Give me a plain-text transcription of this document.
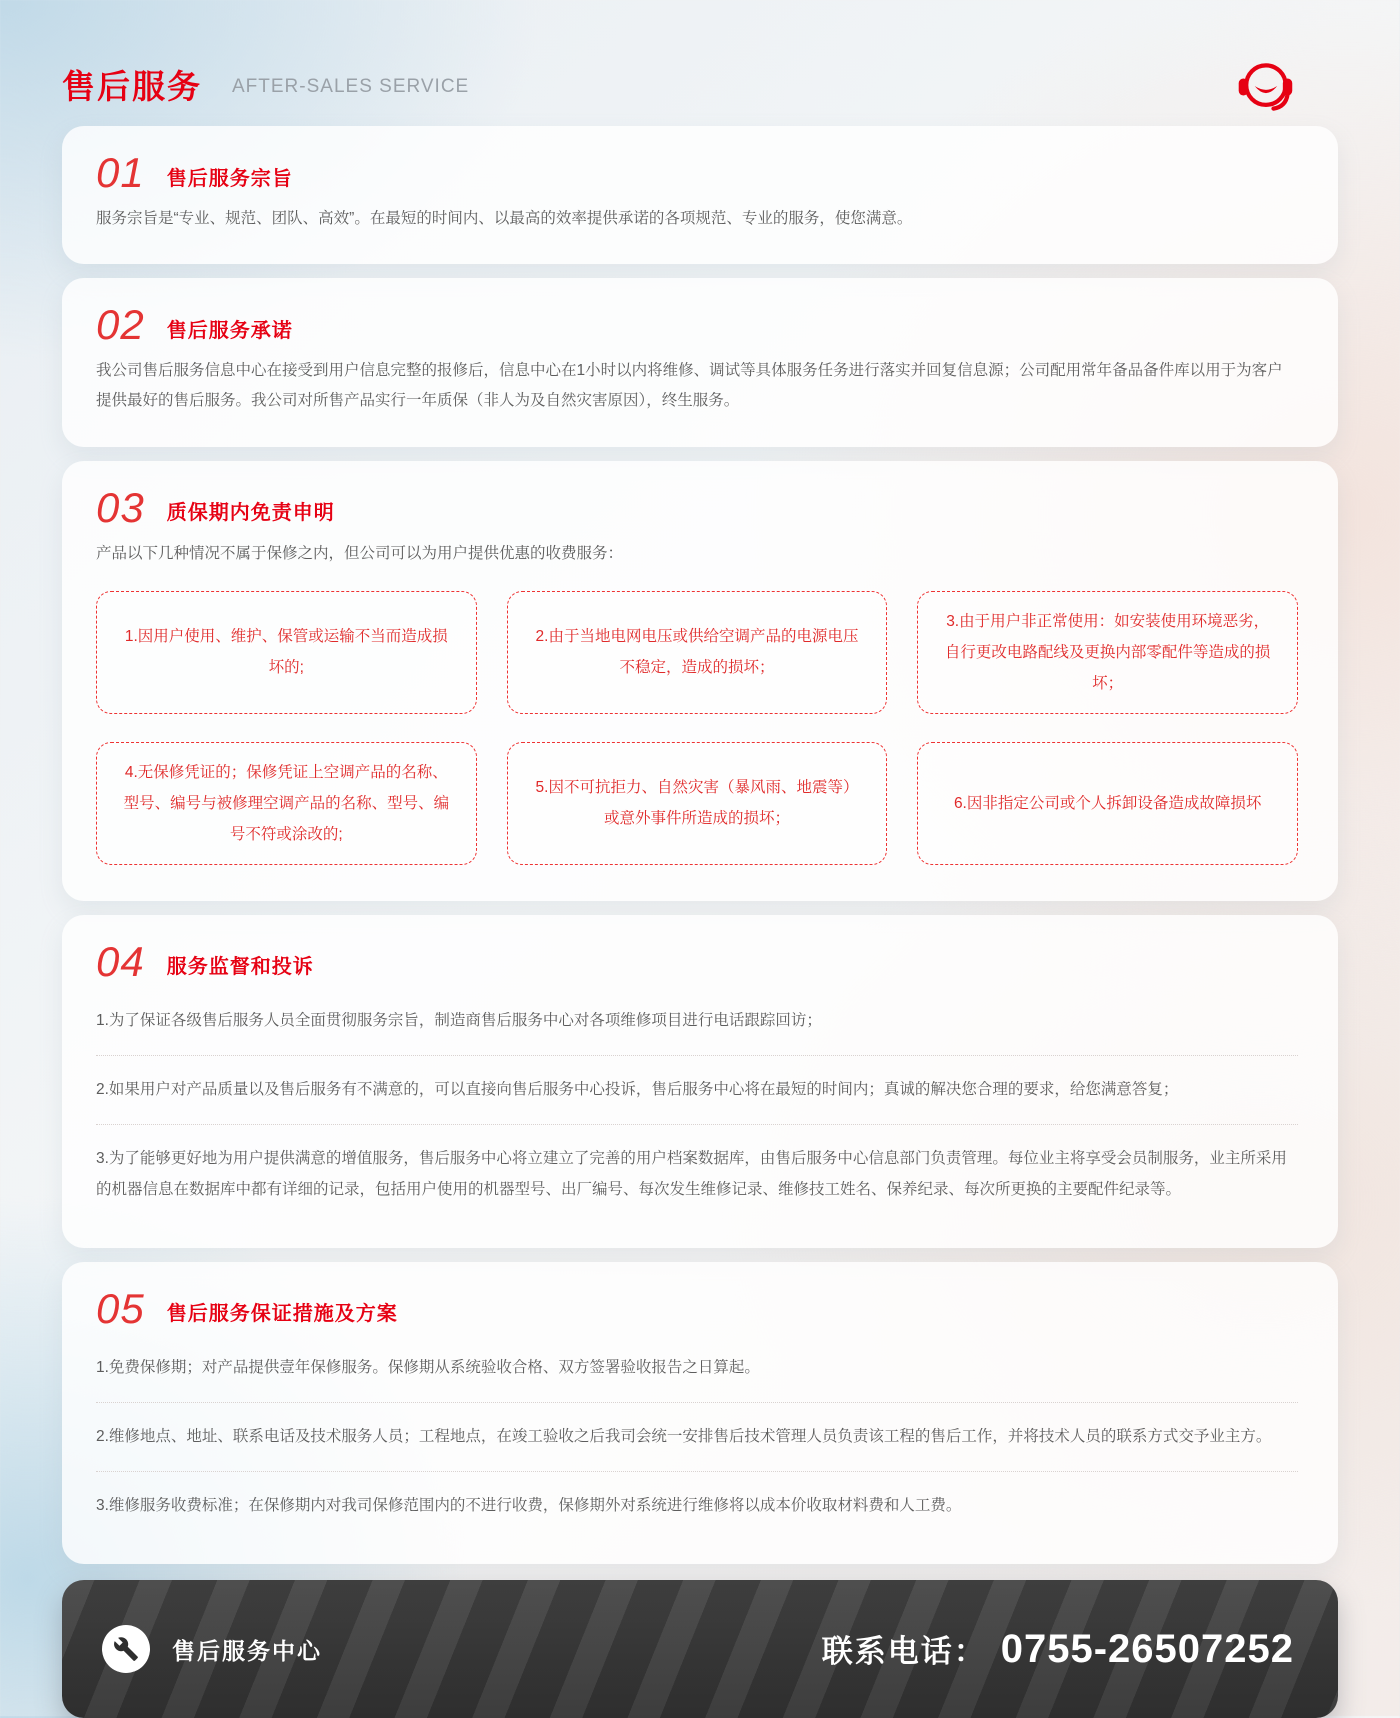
售后服务 AFTER-SALES SERVICE
01 售后服务宗旨

服务宗旨是“专业、规范、团队、高效”。在最短的时间内、以最高的效率提供承诺的各项规范、专业的服务，使您满意。

02 售后服务承诺

我公司售后服务信息中心在接受到用户信息完整的报修后，信息中心在1小时以内将维修、调试等具体服务任务进行落实并回复信息源；公司配用常年备品备件库以用于为客户提供最好的售后服务。我公司对所售产品实行一年质保（非人为及自然灾害原因），终生服务。

03 质保期内免责申明

产品以下几种情况不属于保修之内，但公司可以为用户提供优惠的收费服务：

1.因用户使用、维护、保管或运输不当而造成损坏的;
2.由于当地电网电压或供给空调产品的电源电压不稳定，造成的损坏；
3.由于用户非正常使用：如安装使用环境恶劣，自行更改电路配线及更换内部零配件等造成的损坏；
4.无保修凭证的；保修凭证上空调产品的名称、型号、编号与被修理空调产品的名称、型号、编号不符或涂改的;
5.因不可抗拒力、自然灾害（暴风雨、地震等）或意外事件所造成的损坏；
6.因非指定公司或个人拆卸设备造成故障损坏
04 服务监督和投诉

1.为了保证各级售后服务人员全面贯彻服务宗旨，制造商售后服务中心对各项维修项目进行电话跟踪回访；

2.如果用户对产品质量以及售后服务有不满意的，可以直接向售后服务中心投诉，售后服务中心将在最短的时间内；真诚的解决您合理的要求，给您满意答复；

3.为了能够更好地为用户提供满意的增值服务，售后服务中心将立建立了完善的用户档案数据库，由售后服务中心信息部门负责管理。每位业主将享受会员制服务，业主所采用的机器信息在数据库中都有详细的记录，包括用户使用的机器型号、出厂编号、每次发生维修记录、维修技工姓名、保养纪录、每次所更换的主要配件纪录等。

05 售后服务保证措施及方案

1.免费保修期；对产品提供壹年保修服务。保修期从系统验收合格、双方签署验收报告之日算起。

2.维修地点、地址、联系电话及技术服务人员；工程地点，在竣工验收之后我司会统一安排售后技术管理人员负责该工程的售后工作，并将技术人员的联系方式交予业主方。

3.维修服务收费标准；在保修期内对我司保修范围内的不进行收费，保修期外对系统进行维修将以成本价收取材料费和人工费。

售后服务中心	联系电话： 0755-26507252
